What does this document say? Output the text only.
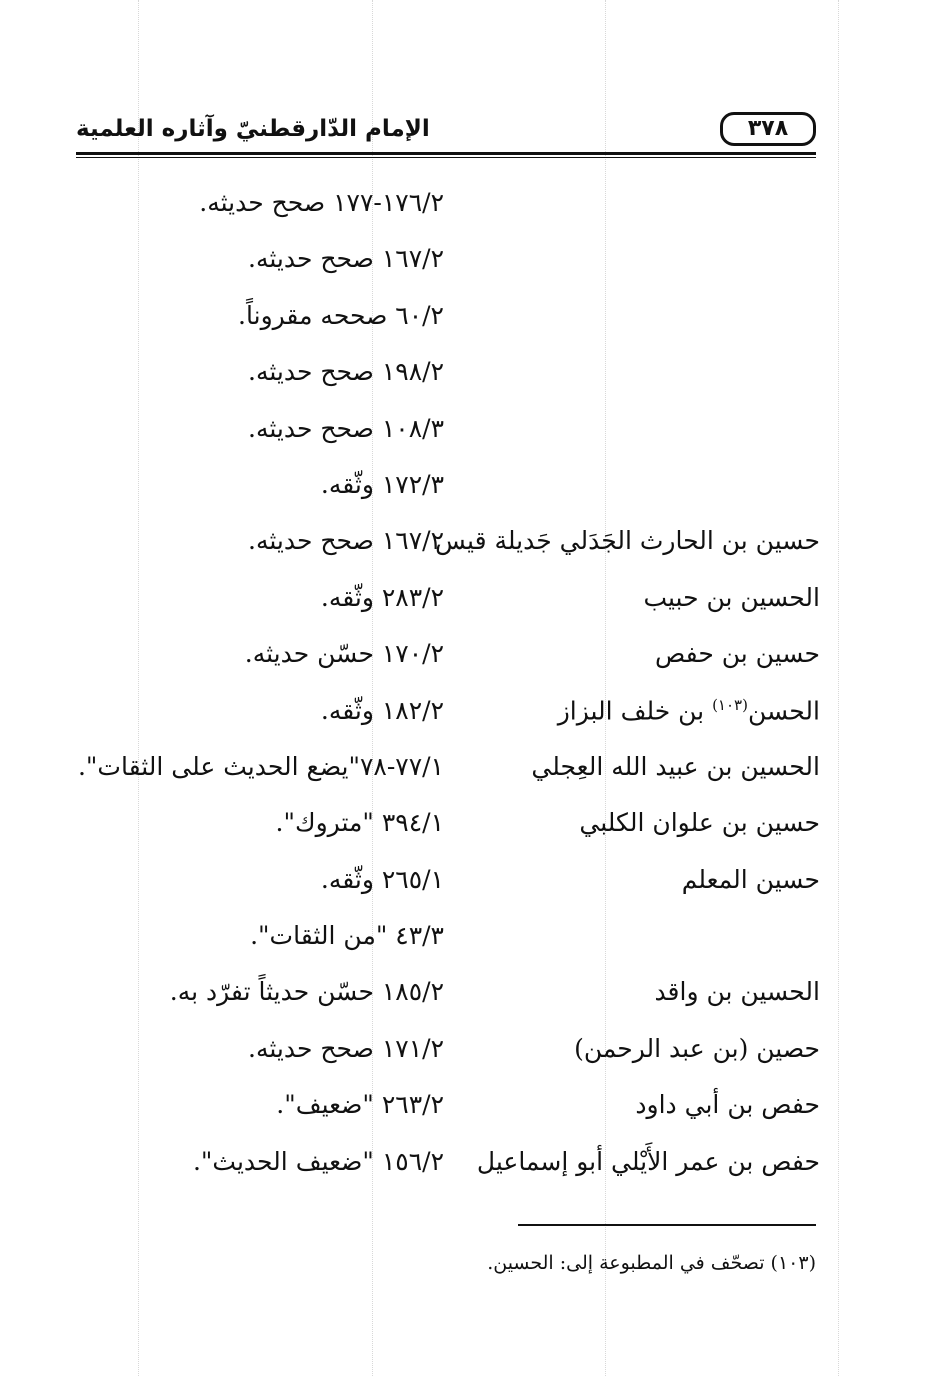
الإمام الدّارقطنيّ وآثاره العلمية	٣٧٨
١٧٦/٢-١٧٧ صحح حديثه.
١٦٧/٢ صحح حديثه.
٦٠/٢ صححه مقروناً.
١٩٨/٢ صحح حديثه.
١٠٨/٣ صحح حديثه.
١٧٢/٣ وثّقه.
حسين بن الحارث الجَدَلي جَديلة قيس
١٦٧/٢ صحح حديثه.
الحسين بن حبيب
٢٨٣/٢ وثّقه.
حسين بن حفص
١٧٠/٢ حسّن حديثه.
الحسن$^{(١٠٣)}$ بن خلف البزاز
١٨٢/٢ وثّقه.
الحسين بن عبيد الله العِجلي
٧٧/١-٧٨"يضع الحديث على الثقات".
حسين بن علوان الكلبي
٣٩٤/١ "متروك".
حسين المعلم
٢٦٥/١ وثّقه.
٤٣/٣ "من الثقات".
الحسين بن واقد
١٨٥/٢ حسّن حديثاً تفرّد به.
حصين (بن عبد الرحمن)
١٧١/٢ صحح حديثه.
حفص بن أبي داود
٢٦٣/٢ "ضعيف".
حفص بن عمر الأَيْلي أبو إسماعيل
١٥٦/٢ "ضعيف الحديث".
(١٠٣) تصحّف في المطبوعة إلى: الحسين.
